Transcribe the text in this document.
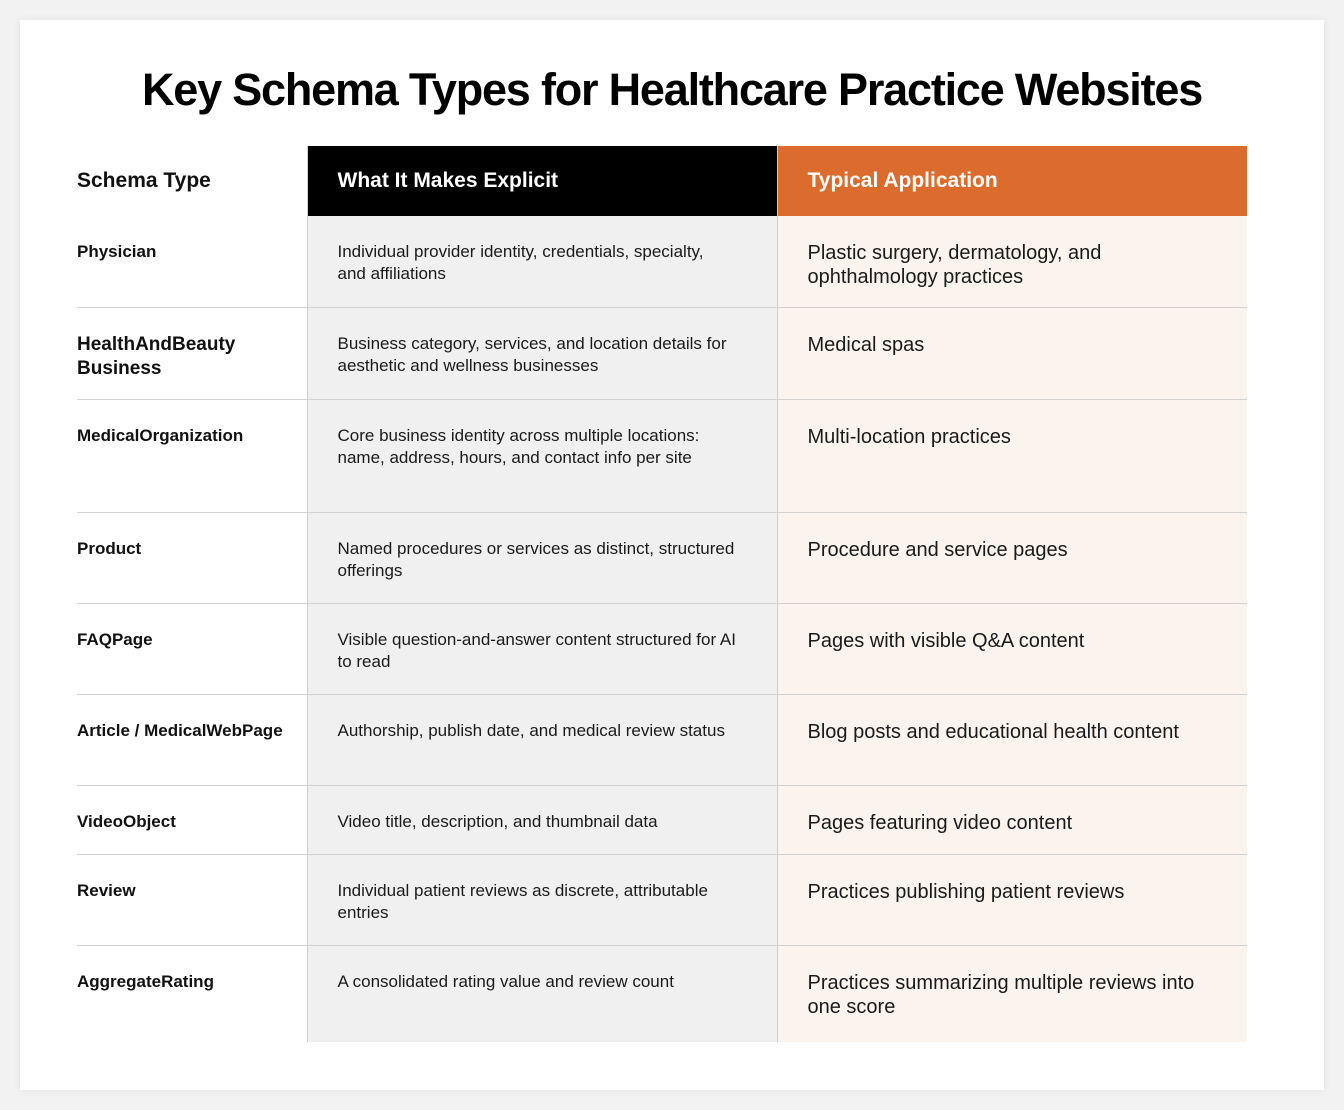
Key Schema Types for Healthcare Practice Websites
Schema Type	What It Makes Explicit	Typical Application
Physician	Individual provider identity, credentials, specialty, and affiliations	Plastic surgery, dermatology, and ophthalmology practices
HealthAndBeauty Business	Business category, services, and location details for aesthetic and wellness businesses	Medical spas
MedicalOrganization	Core business identity across multiple locations: name, address, hours, and contact info per site	Multi-location practices
Product	Named procedures or services as distinct, structured offerings	Procedure and service pages
FAQPage	Visible question-and-answer content structured for AI to read	Pages with visible Q&A content
Article / MedicalWebPage	Authorship, publish date, and medical review status	Blog posts and educational health content
VideoObject	Video title, description, and thumbnail data	Pages featuring video content
Review	Individual patient reviews as discrete, attributable entries	Practices publishing patient reviews
AggregateRating	A consolidated rating value and review count	Practices summarizing multiple reviews into one score
